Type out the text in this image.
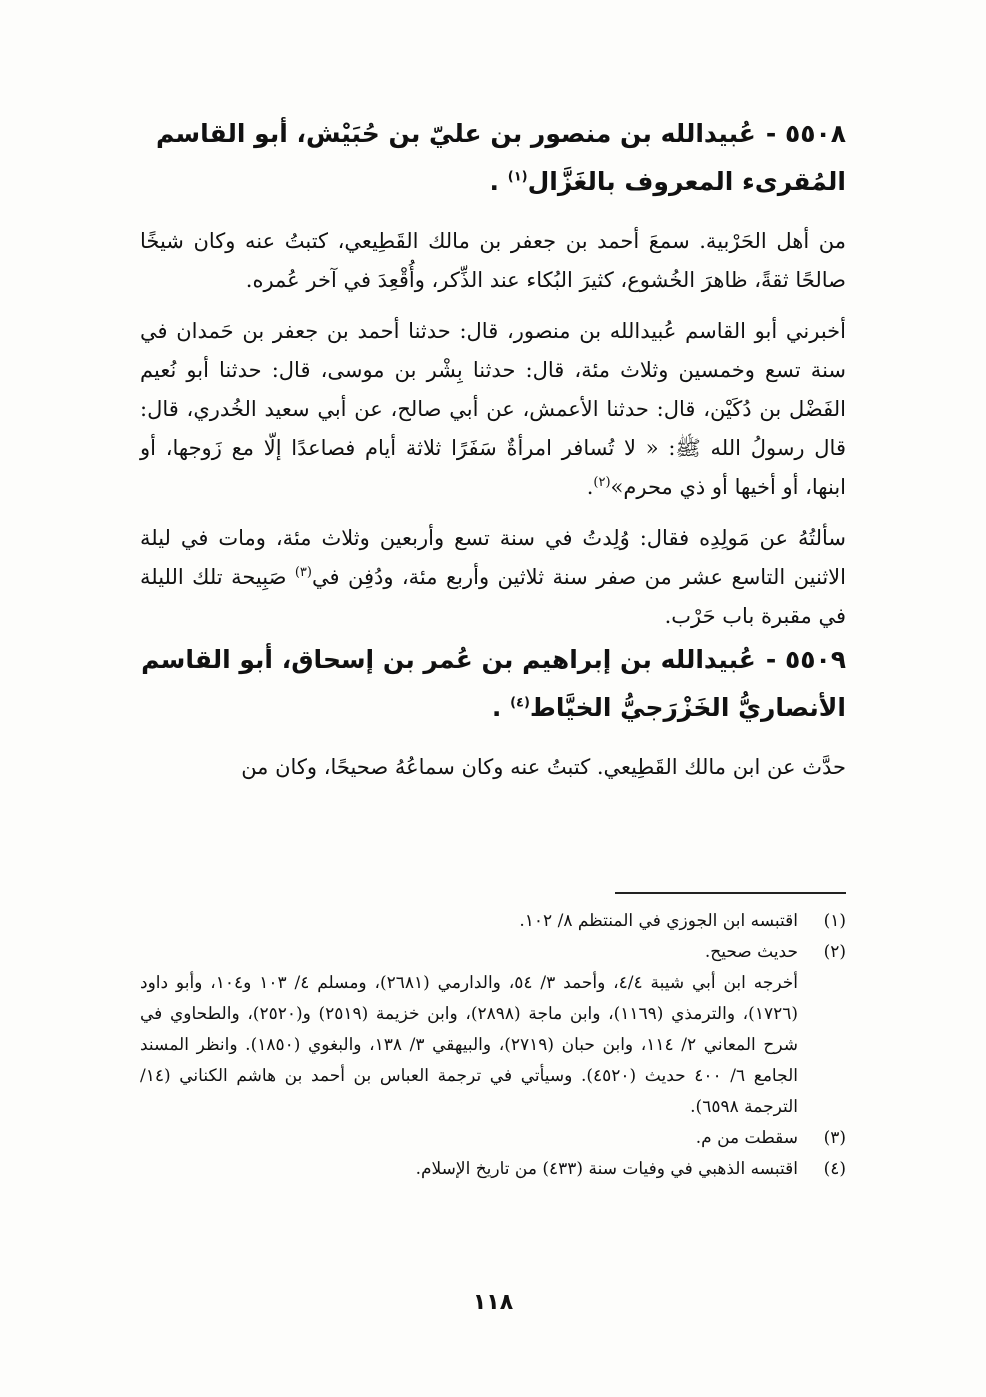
٥٥٠٨ -عُبيدالله بن منصور بن عليّ بن حُبَيْش، أبو القاسم
المُقرىء المعروف بالغَزَّال$^{(١)}$ .

من أهل الحَرْبية. سمعَ أحمد بن جعفر بن مالك القَطِيعي، كتبتُ عنه وكان شيخًا صالحًا ثقةً، ظاهرَ الخُشوع، كثيرَ البُكاء عند الذِّكر، وأُقْعِدَ في آخر عُمره.

أخبرني أبو القاسم عُبيدالله بن منصور، قال: حدثنا أحمد بن جعفر بن حَمدان في سنة تسع وخمسين وثلاث مئة، قال: حدثنا بِشْر بن موسى، قال: حدثنا أبو نُعيم الفَضْل بن دُكَيْن، قال: حدثنا الأعمش، عن أبي صالح، عن أبي سعيد الخُدري، قال: قال رسولُ الله ﷺ: « لا تُسافر امرأةٌ سَفَرًا ثلاثة أيام فصاعدًا إلّا مع زَوجها، أو ابنها، أو أخيها أو ذي محرم»$^{(٢)}$.

سألتُهُ عن مَولِدِه فقال: وُلِدتُ في سنة تسع وأربعين وثلاث مئة، ومات في ليلة الاثنين التاسع عشر من صفر سنة ثلاثين وأربع مئة، ودُفِن في$^{(٣)}$ صَبِيحة تلك الليلة في مقبرة باب حَرْب.

٥٥٠٩ -عُبيدالله بن إبراهيم بن عُمر بن إسحاق، أبو القاسم
الأنصاريُّ الخَزْرَجيُّ الخيَّاط$^{(٤)}$ .

حدَّث عن ابن مالك القَطِيعي. كتبتُ عنه وكان سماعُهُ صحيحًا، وكان من

(١)
اقتبسه ابن الجوزي في المنتظم ٨/ ١٠٢.
(٢)
حديث صحيح.
أخرجه ابن أبي شيبة ٤/٤، وأحمد ٣/ ٥٤، والدارمي (٢٦٨١)، ومسلم ٤/ ١٠٣ و١٠٤، وأبو داود (١٧٢٦)، والترمذي (١١٦٩)، وابن ماجة (٢٨٩٨)، وابن خزيمة (٢٥١٩) و(٢٥٢٠)، والطحاوي في شرح المعاني ٢/ ١١٤، وابن حبان (٢٧١٩)، والبيهقي ٣/ ١٣٨، والبغوي (١٨٥٠). وانظر المسند الجامع ٦/ ٤٠٠ حديث (٤٥٢٠). وسيأتي في ترجمة العباس بن أحمد بن هاشم الكناني (١٤/ الترجمة ٦٥٩٨).
(٣)
سقطت من م.
(٤)
اقتبسه الذهبي في وفيات سنة (٤٣٣) من تاريخ الإسلام.
١١٨
